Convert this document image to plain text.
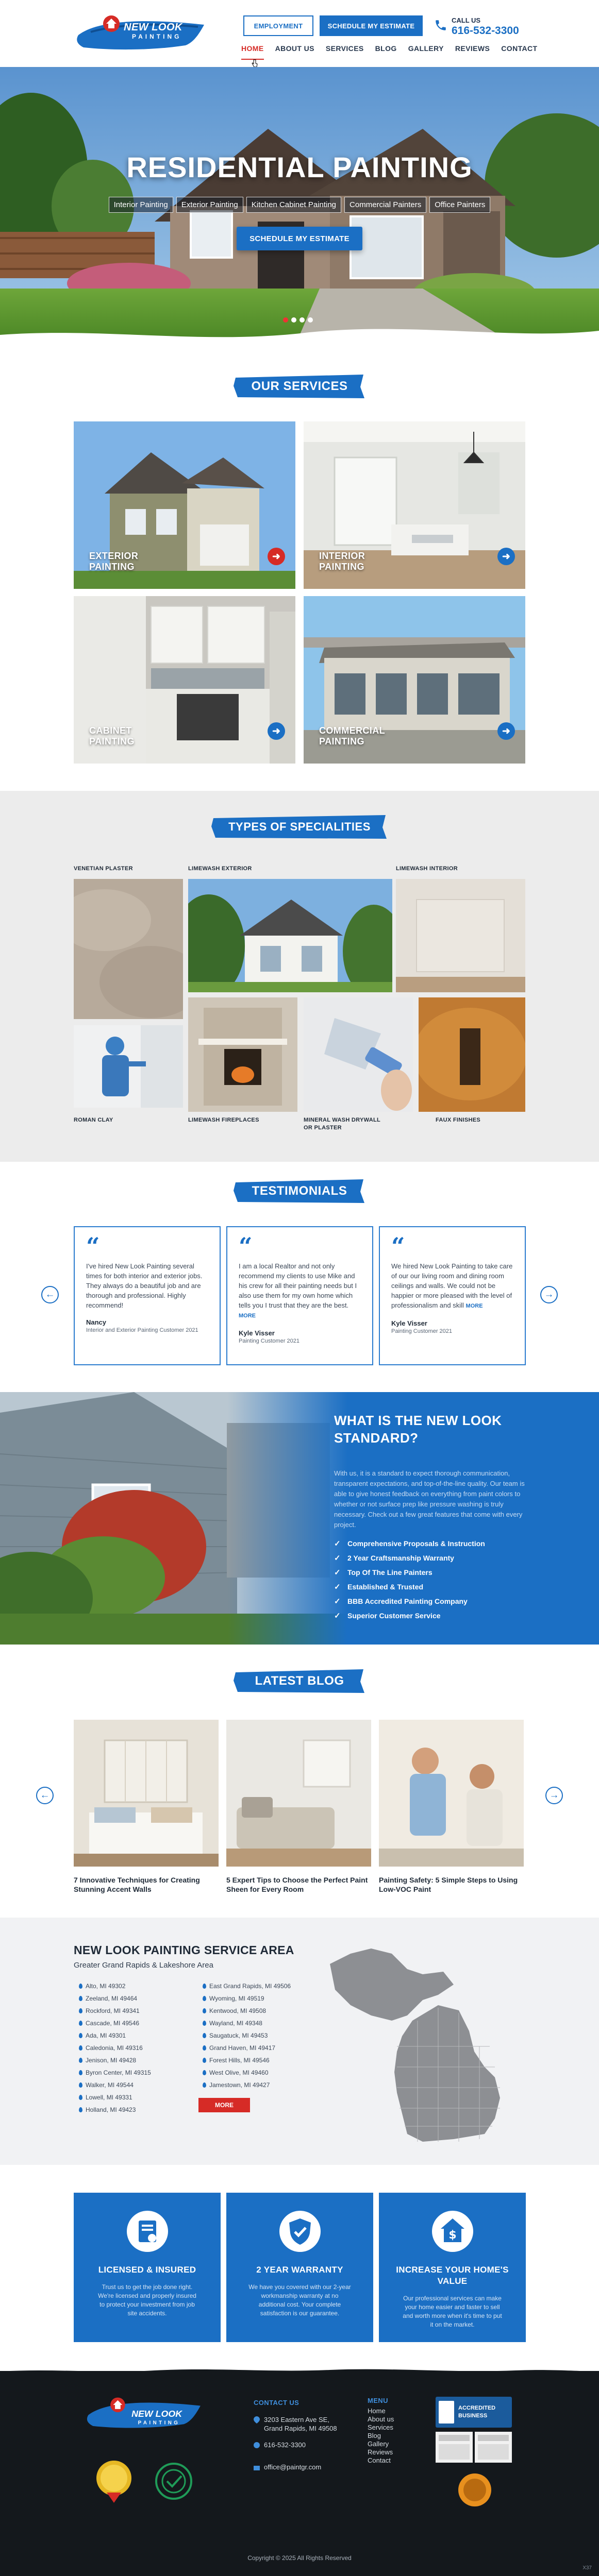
NEW LOOK
PAINTING
EMPLOYMENT	SCHEDULE MY ESTIMATE
CALL US
616-532-3300
HOME ABOUT US SERVICES BLOG GALLERY REVIEWS CONTACT
RESIDENTIAL PAINTING
Interior Painting	Exterior Painting	Kitchen Cabinet Painting	Commercial Painters	Office Painters
SCHEDULE MY ESTIMATE
OUR SERVICES
EXTERIOR
PAINTING
➜	INTERIOR
PAINTING
➜
CABINET
PAINTING
➜	COMMERCIAL
PAINTING
➜
TYPES OF SPECIALITIES
VENETIAN PLASTER	LIMEWASH EXTERIOR	LIMEWASH INTERIOR
ROMAN CLAY	LIMEWASH FIREPLACES	MINERAL WASH DRYWALL
OR PLASTER
FAUX FINISHES
TESTIMONIALS
←	→
“
I've hired New Look Painting several times for both interior and exterior jobs. They always do a beautiful job and are thorough and professional. Highly recommend!
Nancy
Interior and Exterior Painting Customer 2021
“
I am a local Realtor and not only recommend my clients to use Mike and his crew for all their painting needs but I also use them for my own home which tells you I trust that they are the best. MORE
Kyle Visser
Painting Customer 2021
“
We hired New Look Painting to take care of our our living room and dining room ceilings and walls. We could not be happier or more pleased with the level of professionalism and skill MORE
Kyle Visser
Painting Customer 2021
WHAT IS THE NEW LOOK STANDARD?
With us, it is a standard to expect thorough communication, transparent expectations, and top-of-the-line quality. Our team is able to give honest feedback on everything from paint colors to whether or not surface prep like pressure washing is truly necessary. Check out a few great features that come with every project.
✓ Comprehensive Proposals & Instruction
✓ 2 Year Craftsmanship Warranty
✓ Top Of The Line Painters
✓ Established & Trusted
✓ BBB Accredited Painting Company
✓ Superior Customer Service
LATEST BLOG
←	→
7 Innovative Techniques for Creating Stunning Accent Walls
5 Expert Tips to Choose the Perfect Paint Sheen for Every Room
Painting Safety: 5 Simple Steps to Using Low-VOC Paint
NEW LOOK PAINTING SERVICE AREA
Greater Grand Rapids & Lakeshore Area
Alto, MI 49302
Zeeland, MI 49464
Rockford, MI 49341
Cascade, MI 49546
Ada, MI 49301
Caledonia, MI 49316
Jenison, MI 49428
Byron Center, MI 49315
Walker, MI 49544
Lowell, MI 49331
Holland, MI 49423
East Grand Rapids, MI 49506
Wyoming, MI 49519
Kentwood, MI 49508
Wayland, MI 49348
Saugatuck, MI 49453
Grand Haven, MI 49417
Forest Hills, MI 49546
West Olive, MI 49460
Jamestown, MI 49427
MORE
LICENSED & INSURED

Trust us to get the job done right. We're licensed and properly insured to protect your investment from job site accidents.

2 YEAR WARRANTY

We have you covered with our 2-year workmanship warranty at no additional cost. Your complete satisfaction is our guarantee.

$
INCREASE YOUR HOME'S VALUE

Our professional services can make your home easier and faster to sell and worth more when it's time to put it on the market.

NEW LOOK
PAINTING
CONTACT US
3203 Eastern Ave SE,
Grand Rapids, MI 49508
616-532-3300
office@paintgr.com
MENU
Home
About us
Services
Blog
Gallery
Reviews
Contact
ACCREDITED
BUSINESS
Copyright © 2025 All Rights Reserved
X37
